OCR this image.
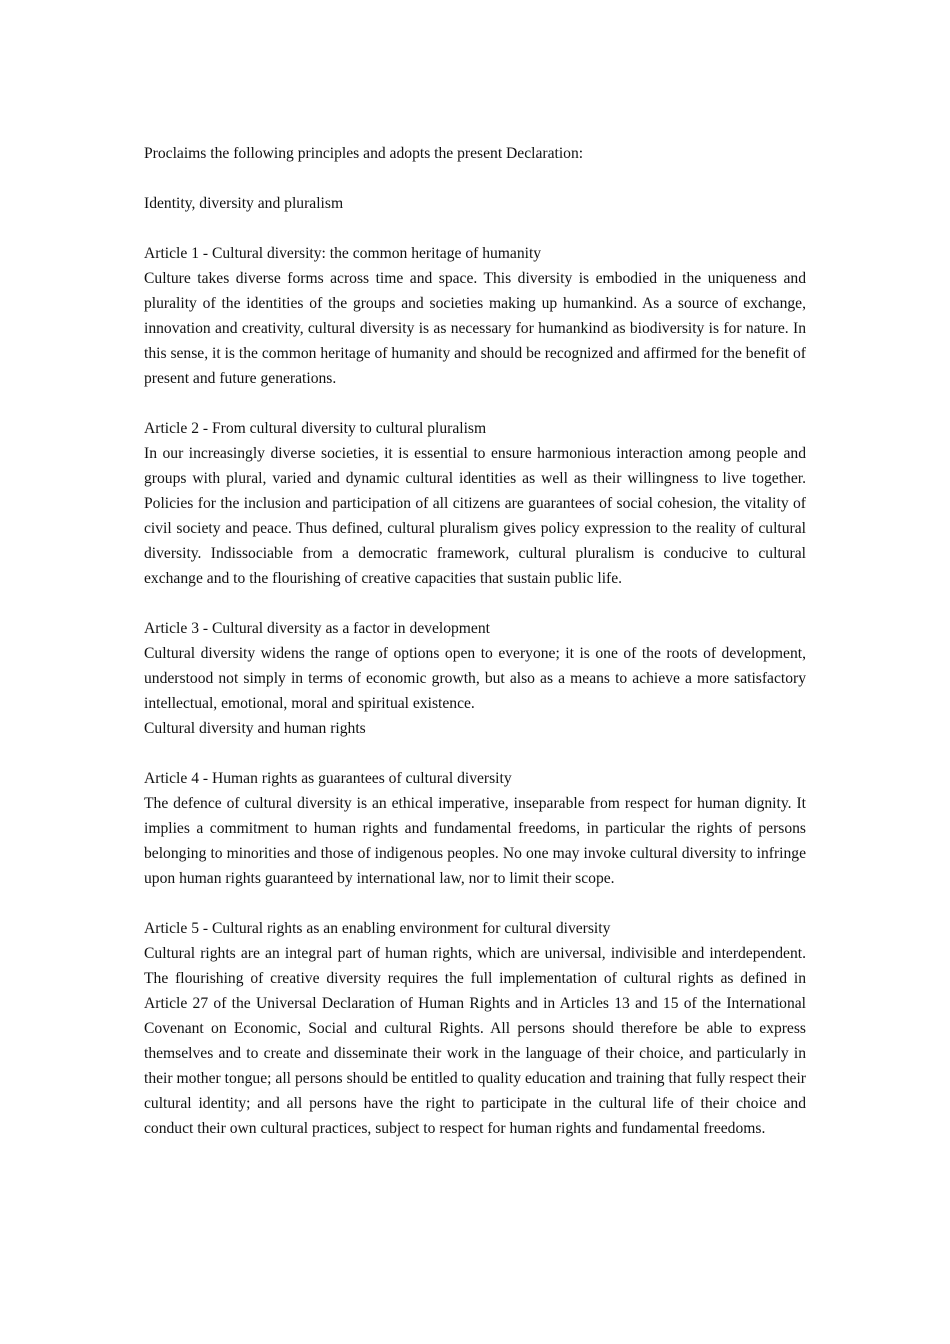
Proclaims the following principles and adopts the present Declaration:

Identity, diversity and pluralism

Article 1 - Cultural diversity: the common heritage of humanity

Culture takes diverse forms across time and space. This diversity is embodied in the uniqueness and plurality of the identities of the groups and societies making up humankind. As a source of exchange, innovation and creativity, cultural diversity is as necessary for humankind as biodiversity is for nature. In this sense, it is the common heritage of humanity and should be recognized and affirmed for the benefit of present and future generations.

Article 2 - From cultural diversity to cultural pluralism

In our increasingly diverse societies, it is essential to ensure harmonious interaction among people and groups with plural, varied and dynamic cultural identities as well as their willingness to live together. Policies for the inclusion and participation of all citizens are guarantees of social cohesion, the vitality of civil society and peace. Thus defined, cultural pluralism gives policy expression to the reality of cultural diversity. Indissociable from a democratic framework, cultural pluralism is conducive to cultural exchange and to the flourishing of creative capacities that sustain public life.

Article 3 - Cultural diversity as a factor in development

Cultural diversity widens the range of options open to everyone; it is one of the roots of development, understood not simply in terms of economic growth, but also as a means to achieve a more satisfactory intellectual, emotional, moral and spiritual existence.

Cultural diversity and human rights

Article 4 - Human rights as guarantees of cultural diversity

The defence of cultural diversity is an ethical imperative, inseparable from respect for human dignity. It implies a commitment to human rights and fundamental freedoms, in particular the rights of persons belonging to minorities and those of indigenous peoples. No one may invoke cultural diversity to infringe upon human rights guaranteed by international law, nor to limit their scope.

Article 5 - Cultural rights as an enabling environment for cultural diversity

Cultural rights are an integral part of human rights, which are universal, indivisible and interdependent. The flourishing of creative diversity requires the full implementation of cultural rights as defined in Article 27 of the Universal Declaration of Human Rights and in Articles 13 and 15 of the International Covenant on Economic, Social and cultural Rights. All persons should therefore be able to express themselves and to create and disseminate their work in the language of their choice, and particularly in their mother tongue; all persons should be entitled to quality education and training that fully respect their cultural identity; and all persons have the right to participate in the cultural life of their choice and conduct their own cultural practices, subject to respect for human rights and fundamental freedoms.
